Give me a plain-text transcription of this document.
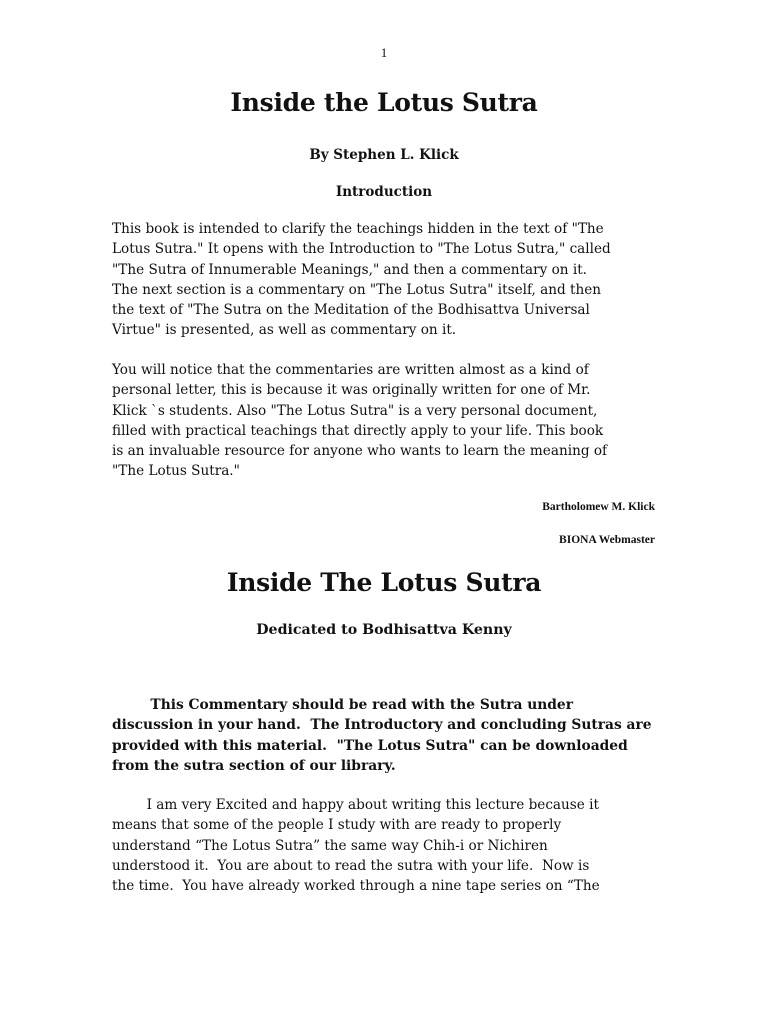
1
Inside the Lotus Sutra
By Stephen L. Klick
Introduction
This book is intended to clarify the teachings hidden in the text of "The
Lotus Sutra." It opens with the Introduction to "The Lotus Sutra," called
"The Sutra of Innumerable Meanings," and then a commentary on it.
The next section is a commentary on "The Lotus Sutra" itself, and then
the text of "The Sutra on the Meditation of the Bodhisattva Universal
Virtue" is presented, as well as commentary on it.
You will notice that the commentaries are written almost as a kind of
personal letter, this is because it was originally written for one of Mr.
Klick `s students. Also "The Lotus Sutra" is a very personal document,
filled with practical teachings that directly apply to your life. This book
is an invaluable resource for anyone who wants to learn the meaning of
"The Lotus Sutra."
Bartholomew M. Klick
BIONA Webmaster
Inside The Lotus Sutra
Dedicated to Bodhisattva Kenny
This Commentary should be read with the Sutra under
discussion in your hand.  The Introductory and concluding Sutras are
provided with this material.  "The Lotus Sutra" can be downloaded
from the sutra section of our library.
I am very Excited and happy about writing this lecture because it
means that some of the people I study with are ready to properly
understand “The Lotus Sutra” the same way Chih-i or Nichiren
understood it.  You are about to read the sutra with your life.  Now is
the time.  You have already worked through a nine tape series on “The
